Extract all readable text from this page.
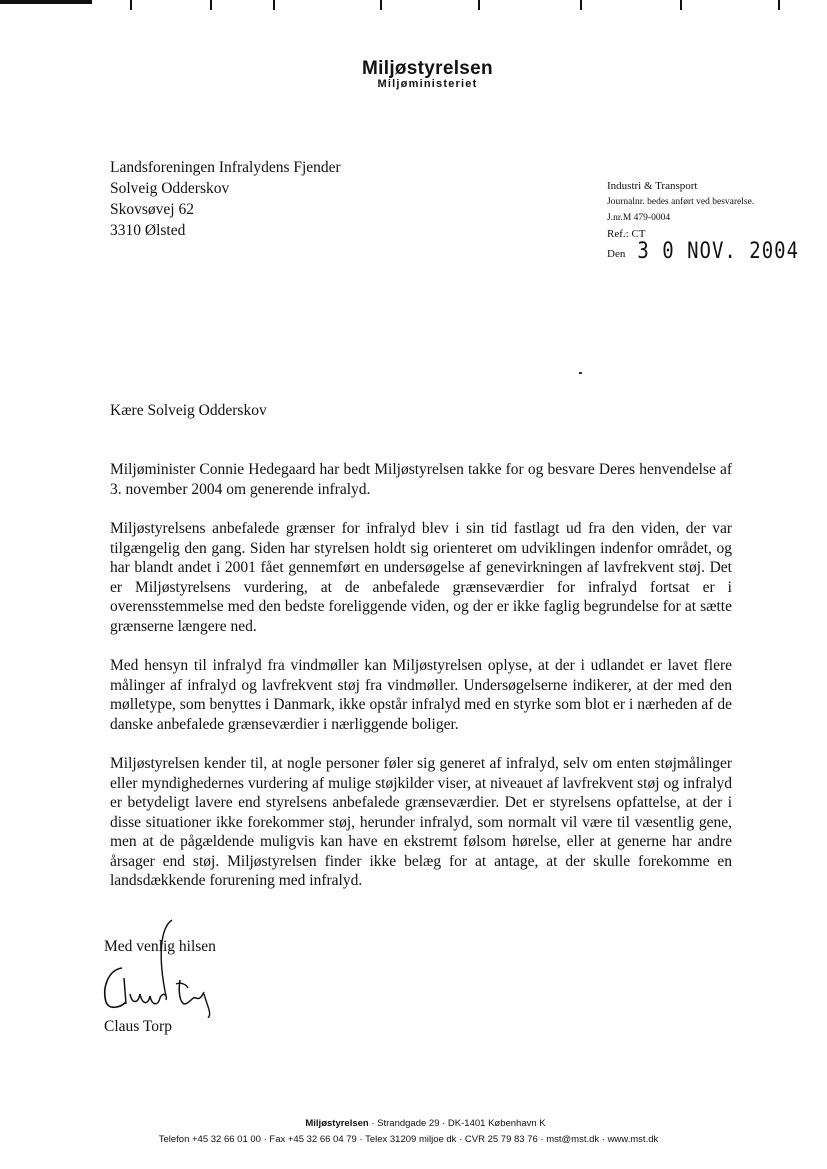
Miljøstyrelsen
Miljøministeriet
Landsforeningen Infralydens Fjender
Solveig Odderskov
Skovsøvej 62
3310 Ølsted
Industri & Transport
Journalnr. bedes anført ved besvarelse.
J.nr.M 479-0004
Ref.: CT
Den 3 0 NOV. 2004
Kære Solveig Odderskov

Miljøminister Connie Hedegaard har bedt Miljøstyrelsen takke for og besvare Deres henvendelse af 3. november 2004 om generende infralyd.

Miljøstyrelsens anbefalede grænser for infralyd blev i sin tid fastlagt ud fra den viden, der var tilgængelig den gang. Siden har styrelsen holdt sig orienteret om udviklingen indenfor området, og har blandt andet i 2001 fået gennemført en undersøgelse af genevirkningen af lavfrekvent støj. Det er Miljøstyrelsens vurdering, at de anbefalede grænseværdier for infralyd fortsat er i overensstemmelse med den bedste foreliggende viden, og der er ikke faglig begrundelse for at sætte grænserne længere ned.

Med hensyn til infralyd fra vindmøller kan Miljøstyrelsen oplyse, at der i udlandet er lavet flere målinger af infralyd og lavfrekvent støj fra vindmøller. Undersøgelserne indikerer, at der med den mølletype, som benyttes i Danmark, ikke opstår infralyd med en styrke som blot er i nærheden af de danske anbefalede grænseværdier i nærliggende boliger.

Miljøstyrelsen kender til, at nogle personer føler sig generet af infralyd, selv om enten støjmålinger eller myndighedernes vurdering af mulige støjkilder viser, at niveauet af lavfrekvent støj og infralyd er betydeligt lavere end styrelsens anbefalede grænseværdier. Det er styrelsens opfattelse, at der i disse situationer ikke forekommer støj, herunder infralyd, som normalt vil være til væsentlig gene, men at de pågældende muligvis kan have en ekstremt følsom hørelse, eller at generne har andre årsager end støj. Miljøstyrelsen finder ikke belæg for at antage, at der skulle forekomme en landsdækkende forurening med infralyd.

Med venlig hilsen
Claus Torp
Miljøstyrelsen · Strandgade 29 · DK-1401 København K
Telefon +45 32 66 01 00 · Fax +45 32 66 04 79 · Telex 31209 miljoe dk · CVR 25 79 83 76 · mst@mst.dk · www.mst.dk
